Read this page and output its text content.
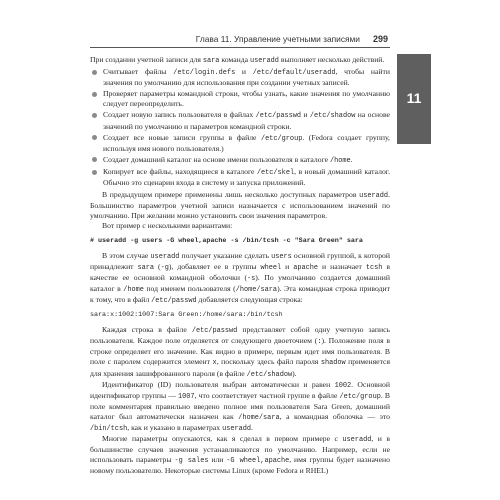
Глава 11. Управление учетными записями 299
11

При создании учетной записи для sara команда useradd выполняет несколько действий.

Считывает файлы /etc/login.defs и /etc/default/useradd, чтобы найти значения по умолчанию для использования при создании учетных записей.
Проверяет параметры командной строки, чтобы узнать, какие значения по умолчанию следует переопределить.
Создает новую запись пользователя в файлах /etc/passwd и /etc/shadow на основе значений по умолчанию и параметров командной строки.
Создает все новые записи группы в файле /etc/group. (Fedora создает группу, используя имя нового пользователя.)
Создает домашний каталог на основе имени пользователя в каталоге /home.
Копирует все файлы, находящиеся в каталоге /etc/skel, в новый домашний каталог. Обычно это сценарии входа в систему и запуска приложений.

В предыдущем примере применены лишь несколько доступных параметров useradd. Большинство параметров учетной записи назначается с использованием значений по умолчанию. При желании можно установить свои значения параметров.

Вот пример с несколькими вариантами:

# useradd -g users -G wheel,apache -s /bin/tcsh -c "Sara Green" sara

В этом случае useradd получает указание сделать users основной группой, к которой принадлежит sara (-g), добавляет ее в группы wheel и apache и назначает tcsh в качестве ее основной командной оболочки (-s). По умолчанию создается домашний каталог в /home под именем пользователя (/home/sara). Эта командная строка приводит к тому, что в файл /etc/passwd добавляется следующая строка:

sara:x:1002:1007:Sara Green:/home/sara:/bin/tcsh

Каждая строка в файле /etc/passwd представляет собой одну учетную запись пользователя. Каждое поле отделяется от следующего двоеточием (:). Положение поля в строке определяет его значение. Как видно в примере, первым идет имя пользователя. В поле с паролем содержится элемент x, поскольку здесь файл пароля shadow применяется для хранения зашифрованного пароля (в файле /etc/shadow).

Идентификатор (ID) пользователя выбран автоматически и равен 1002. Основной идентификатор группы — 1007, что соответствует частной группе в файле /etc/group. В поле комментария правильно введено полное имя пользователя Sara Green, домашний каталог был автоматически назначен как /home/sara, а командная оболочка — это /bin/tcsh, как и указано в параметрах useradd.

Многие параметры опускаются, как я сделал в первом примере с useradd, и в большинстве случаев значения устанавливаются по умолчанию. Например, если не использовать параметры -g sales или -G wheel,apache, имя группы будет назначено новому пользователю. Некоторые системы Linux (кроме Fedora и RHEL)
